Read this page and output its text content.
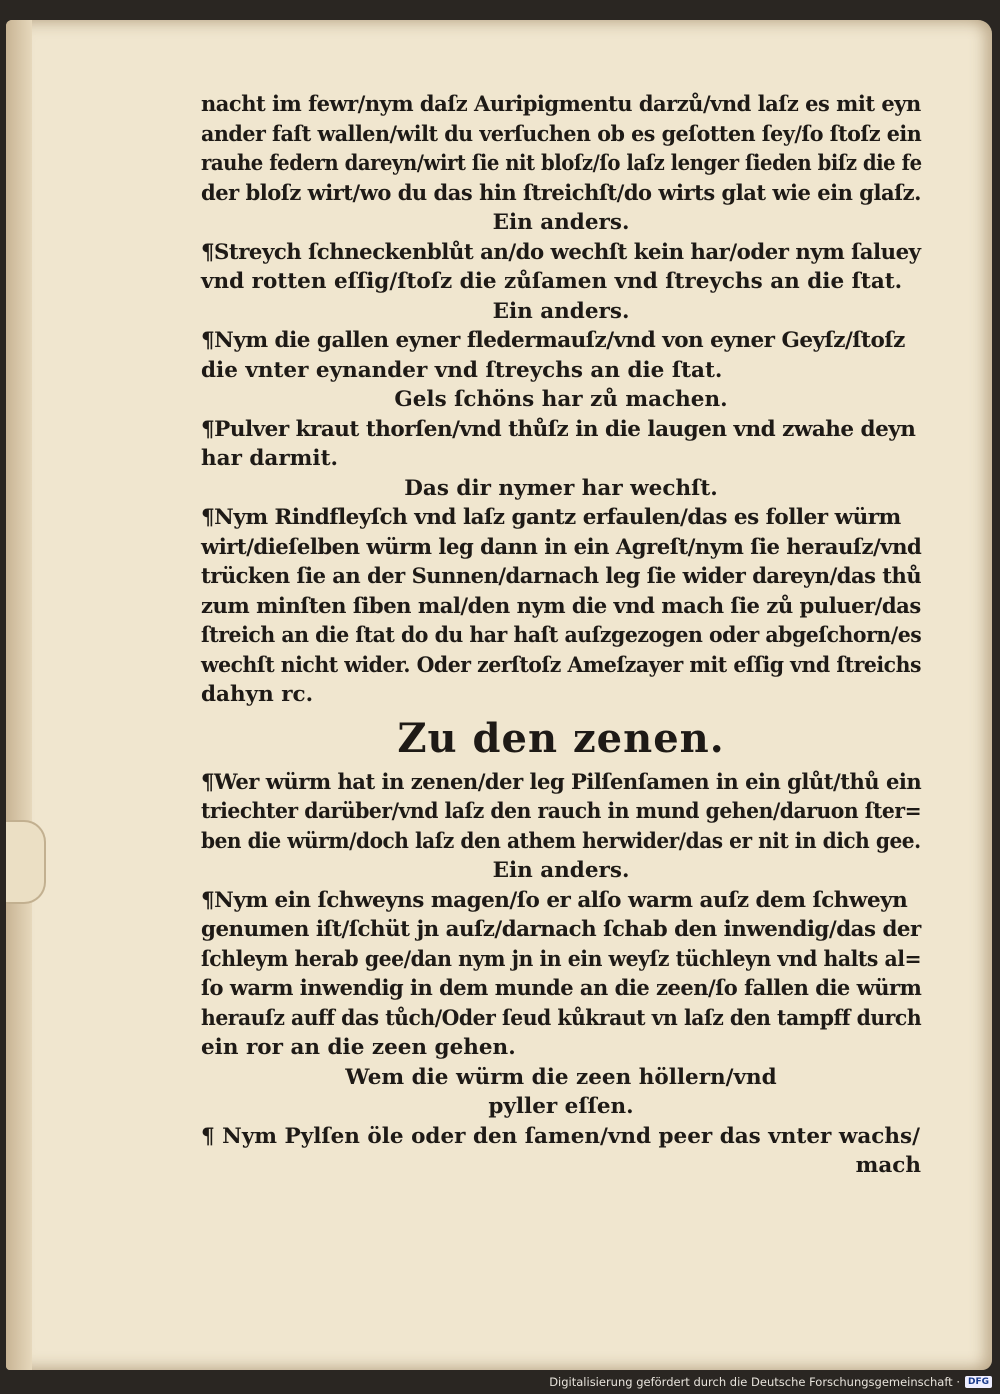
nacht im fewr/nym daſz Auripigmentu darzů/vnd laſz es mit eyn
ander faſt wallen/wilt du verſuchen ob es geſotten ſey/ſo ſtoſz ein
rauhe federn dareyn/wirt ſie nit bloſz/ſo laſz lenger ſieden biſz die fe
der bloſz wirt/wo du das hin ſtreichſt/do wirts glat wie ein glaſz.
Ein anders.
¶Streych ſchneckenblůt an/do wechſt kein har/oder nym ſaluey
vnd rotten eſſig/ſtoſz die zůſamen vnd ſtreychs an die ſtat.
Ein anders.
¶Nym die gallen eyner fledermauſz/vnd von eyner Geyſz/ſtoſz
die vnter eynander vnd ſtreychs an die ſtat.
Gels ſchöns har zů machen.
¶Pulver kraut thorſen/vnd thůſz in die laugen vnd zwahe deyn
har darmit.
Das dir nymer har wechſt.
¶Nym Rindfleyſch vnd laſz gantz erfaulen/das es foller würm
wirt/dieſelben würm leg dann in ein Agreſt/nym ſie herauſz/vnd
trücken ſie an der Sunnen/darnach leg ſie wider dareyn/das thů
zum minſten ſiben mal/den nym die vnd mach ſie zů puluer/das
ſtreich an die ſtat do du har haſt auſzgezogen oder abgeſchorn/es
wechſt nicht wider. Oder zerſtoſz Ameſzayer mit eſſig vnd ſtreichs
dahyn rc.
Zu den zenen.
¶Wer würm hat in zenen/der leg Pilſenſamen in ein glůt/thů ein
triechter darüber/vnd laſz den rauch in mund gehen/daruon ſter=
ben die würm/doch laſz den athem herwider/das er nit in dich gee.
Ein anders.
¶Nym ein ſchweyns magen/ſo er alſo warm auſz dem ſchweyn
genumen iſt/ſchüt jn auſz/darnach ſchab den inwendig/das der
ſchleym herab gee/dan nym jn in ein weyſz tüchleyn vnd halts al=
ſo warm inwendig in dem munde an die zeen/ſo fallen die würm
herauſz auff das tůch/Oder ſeud kůkraut vn laſz den tampff durch
ein ror an die zeen gehen.
Wem die würm die zeen höllern/vnd
pyller eſſen.
¶ Nym Pylſen öle oder den ſamen/vnd peer das vnter wachs/
mach
Digitalisierung gefördert durch die Deutsche Forschungsgemeinschaft · DFG
